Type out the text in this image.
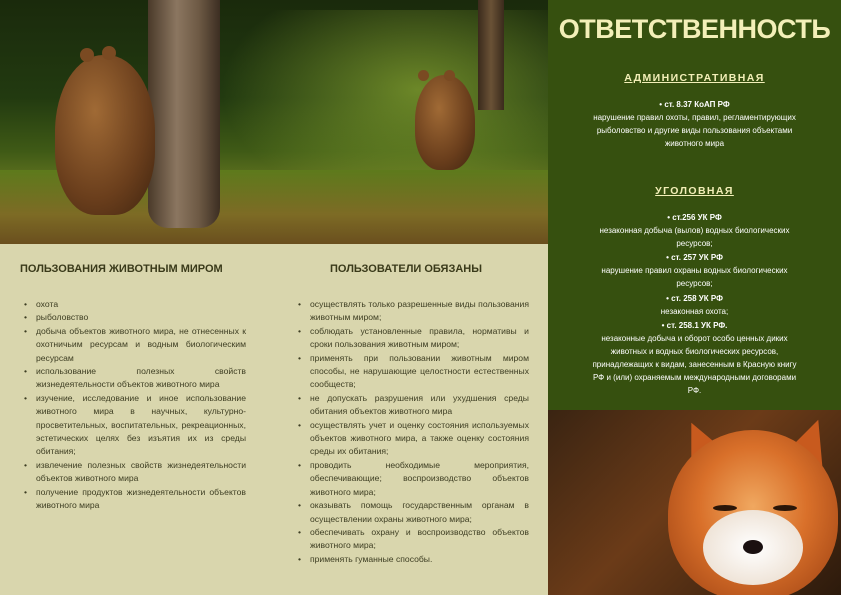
ОТВЕТСТВЕННОСТЬ
АДМИНИСТРАТИВНАЯ
• ст. 8.37 КоАП РФ
нарушение правил охоты, правил, регламентирующих
рыболовство и другие виды пользования объектами
животного мира
УГОЛОВНАЯ
• ст.256 УК РФ
незаконная добыча (вылов) водных биологических
ресурсов;
• ст. 257 УК РФ
нарушение правил охраны водных биологических
ресурсов;
• ст. 258 УК РФ
незаконная охота;
• ст. 258.1 УК РФ.
незаконные добыча и оборот особо ценных диких
животных и водных биологических ресурсов,
принадлежащих к видам, занесенным в Красную книгу
РФ и (или) охраняемым международными договорами
РФ.
ПОЛЬЗОВАНИЯ ЖИВОТНЫМ МИРОМ
• охота
• рыболовство
• добыча объектов животного мира, не отнесенных к охотничьим ресурсам и водным биологическим ресурсам
• использование полезных свойств жизнедеятельности объектов животного мира
• изучение, исследование и иное использование животного мира в научных, культурно-просветительных, воспитательных, рекреационных, эстетических целях без изъятия их из среды обитания;
• извлечение полезных свойств жизнедеятельности объектов животного мира
• получение продуктов жизнедеятельности объектов животного мира
ПОЛЬЗОВАТЕЛИ ОБЯЗАНЫ
• осуществлять только разрешенные виды пользования животным миром;
• соблюдать установленные правила, нормативы и сроки пользования животным миром;
• применять при пользовании животным миром способы, не нарушающие целостности естественных сообществ;
• не допускать разрушения или ухудшения среды обитания объектов животного мира
• осуществлять учет и оценку состояния используемых объектов животного мира, а также оценку состояния среды их обитания;
• проводить необходимые мероприятия, обеспечивающие; воспроизводство объектов животного мира;
• оказывать помощь государственным органам в осуществлении охраны животного мира;
• обеспечивать охрану и воспроизводство объектов животного мира;
• применять гуманные способы.
